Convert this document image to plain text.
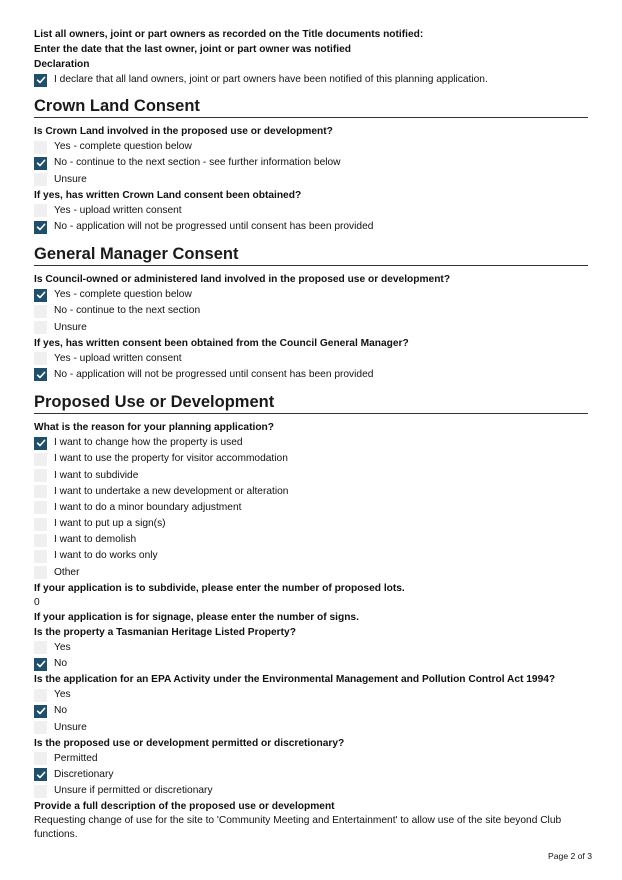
List all owners, joint or part owners as recorded on the Title documents notified:

Enter the date that the last owner, joint or part owner was notified

Declaration

I declare that all land owners, joint or part owners have been notified of this planning application.
Crown Land Consent

Is Crown Land involved in the proposed use or development?

Yes - complete question below
No - continue to the next section - see further information below
Unsure

If yes, has written Crown Land consent been obtained?

Yes - upload written consent
No - application will not be progressed until consent has been provided
General Manager Consent

Is Council-owned or administered land involved in the proposed use or development?

Yes - complete question below
No - continue to the next section
Unsure

If yes, has written consent been obtained from the Council General Manager?

Yes - upload written consent
No - application will not be progressed until consent has been provided
Proposed Use or Development

What is the reason for your planning application?

I want to change how the property is used
I want to use the property for visitor accommodation
I want to subdivide
I want to undertake a new development or alteration
I want to do a minor boundary adjustment
I want to put up a sign(s)
I want to demolish
I want to do works only
Other

If your application is to subdivide, please enter the number of proposed lots.

0

If your application is for signage, please enter the number of signs.

Is the property a Tasmanian Heritage Listed Property?

Yes
No

Is the application for an EPA Activity under the Environmental Management and Pollution Control Act 1994?

Yes
No
Unsure

Is the proposed use or development permitted or discretionary?

Permitted
Discretionary
Unsure if permitted or discretionary

Provide a full description of the proposed use or development

Requesting change of use for the site to 'Community Meeting and Entertainment' to allow use of the site beyond Club functions.

Page 2 of 3
